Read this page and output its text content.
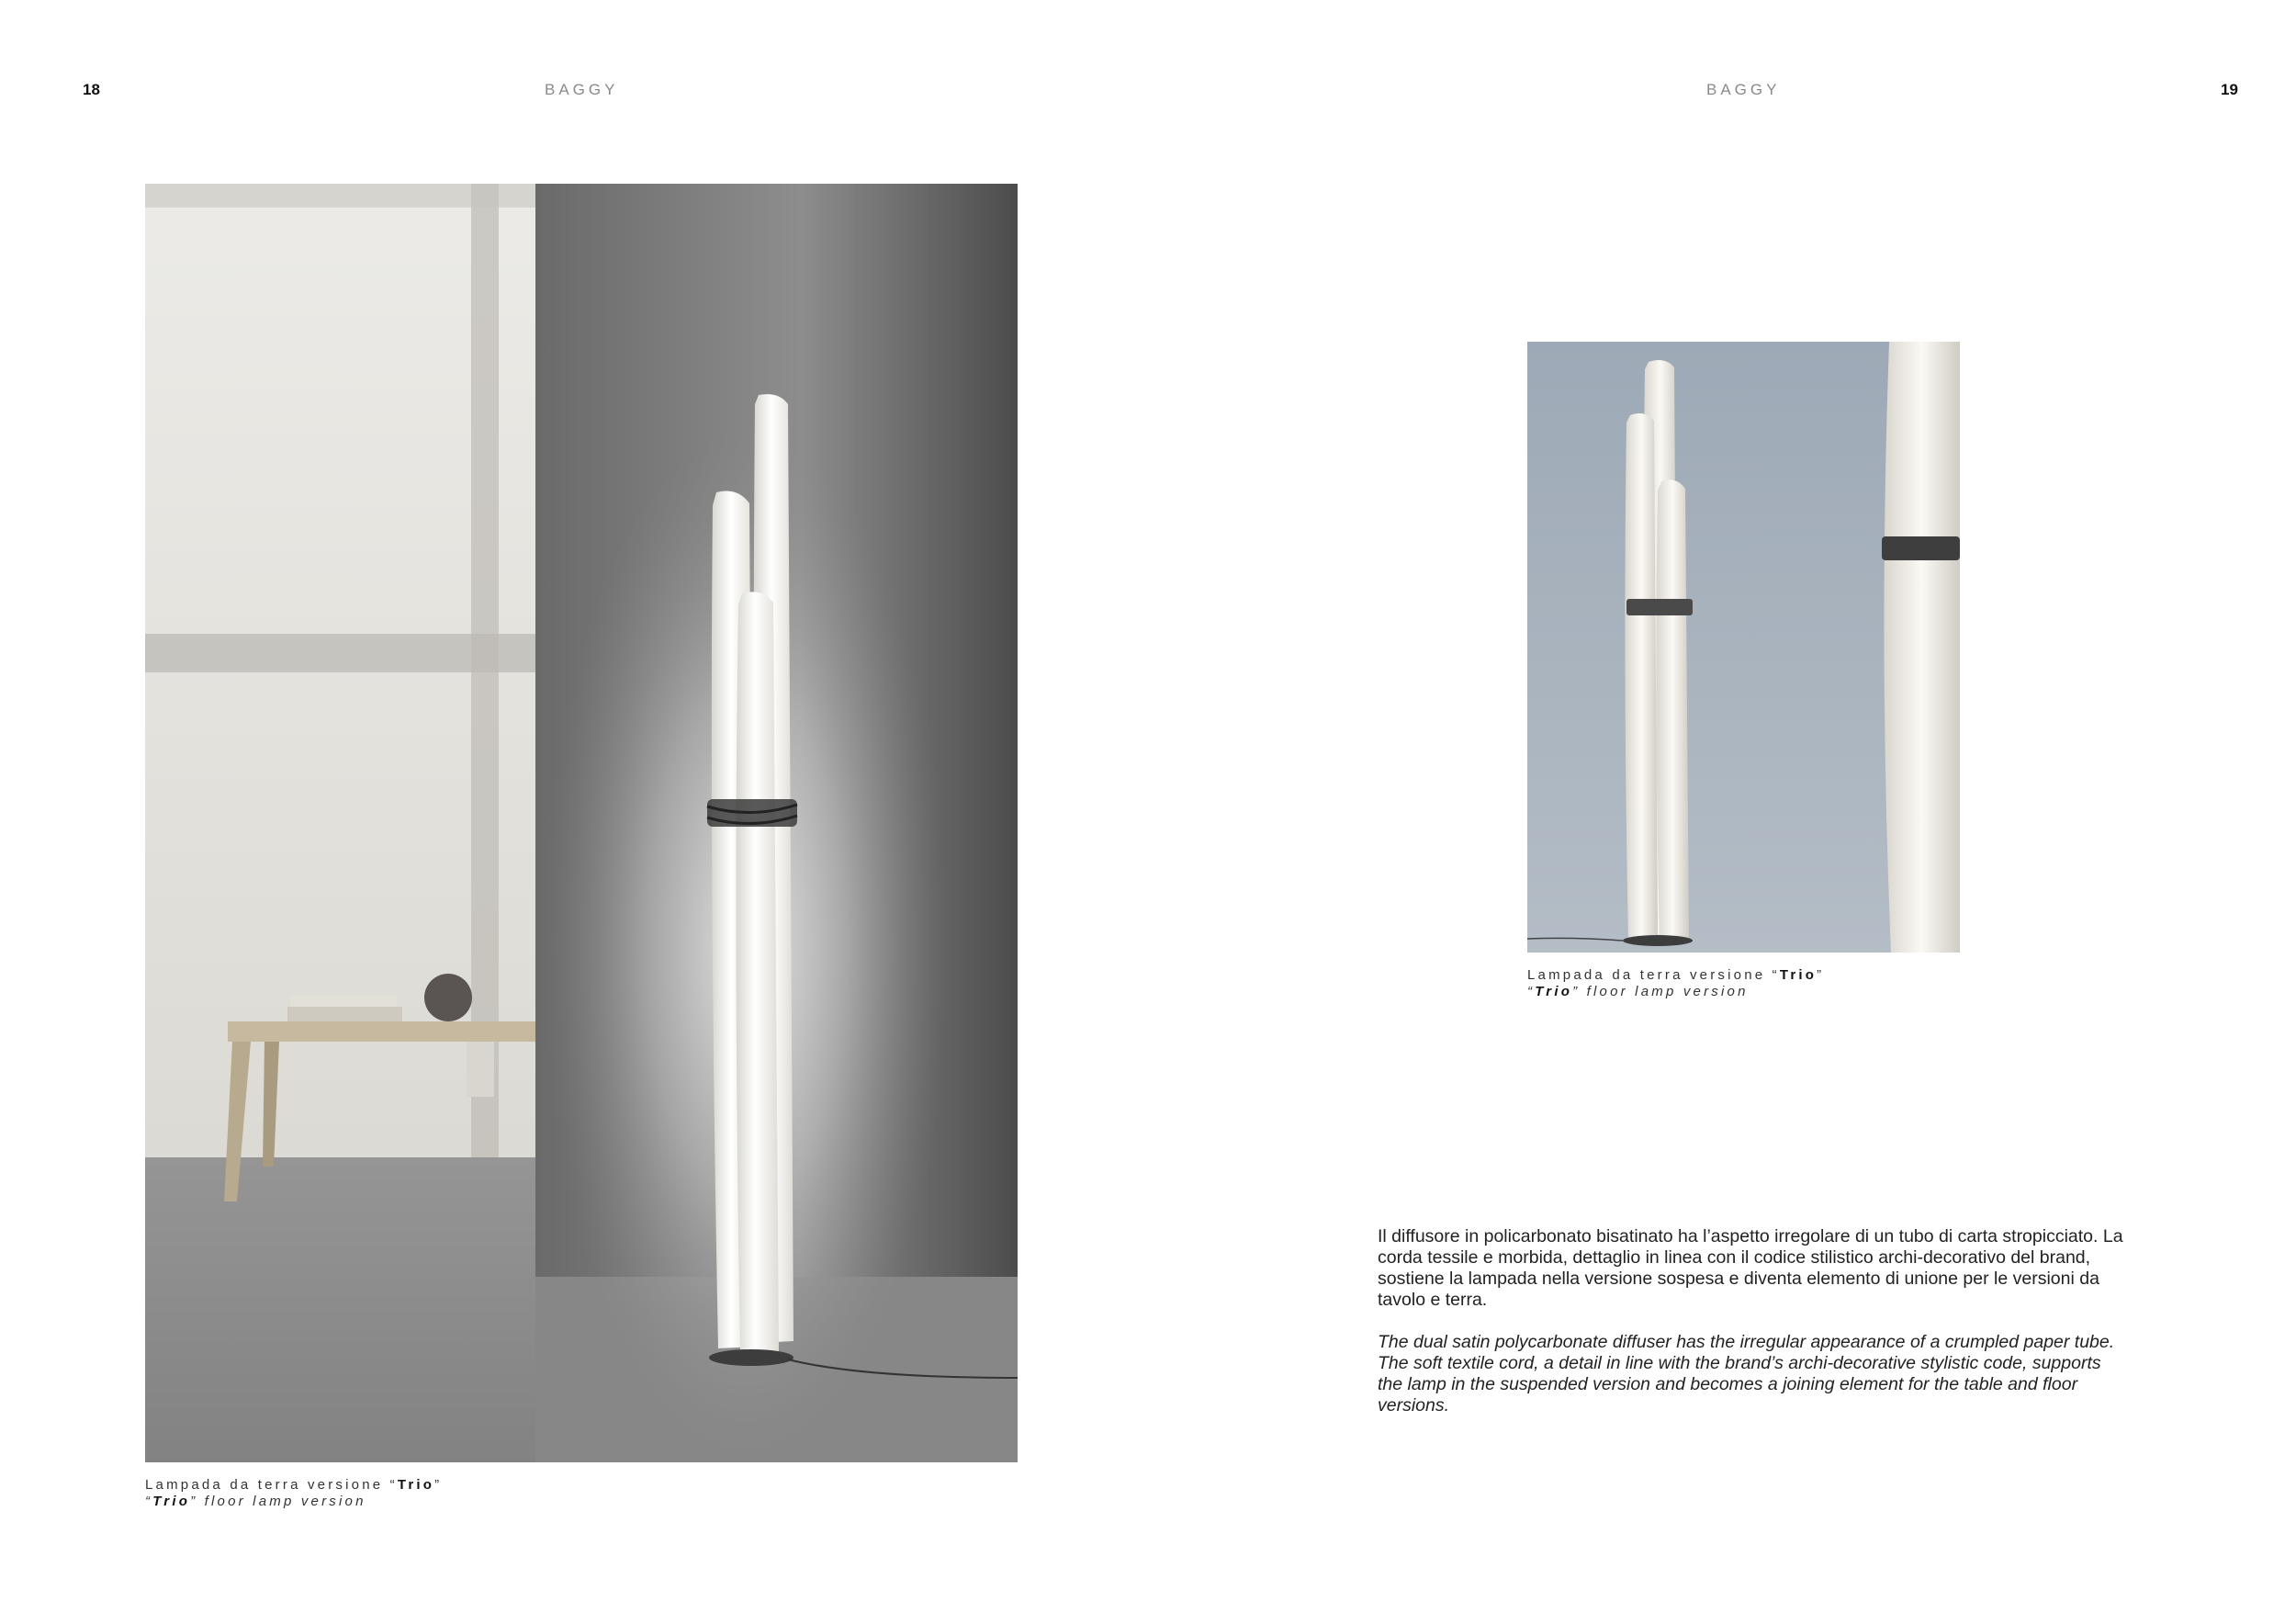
18	BAGGY	BAGGY	19
Lampada da terra versione “Trio”
“Trio” floor lamp version
Lampada da terra versione “Trio”
“Trio” floor lamp version

Il diffusore in policarbonato bisatinato ha l’aspetto irregolare di un tubo di carta stropicciato. La corda tessile e morbida, dettaglio in linea con il codice stilistico archi-decorativo del brand, sostiene la lampada nella versione sospesa e diventa elemento di unione per le versioni da tavolo e terra.

The dual satin polycarbonate diffuser has the irregular appearance of a crumpled paper tube. The soft textile cord, a detail in line with the brand’s archi-decorative stylistic code, supports the lamp in the suspended version and becomes a joining element for the table and floor versions.
